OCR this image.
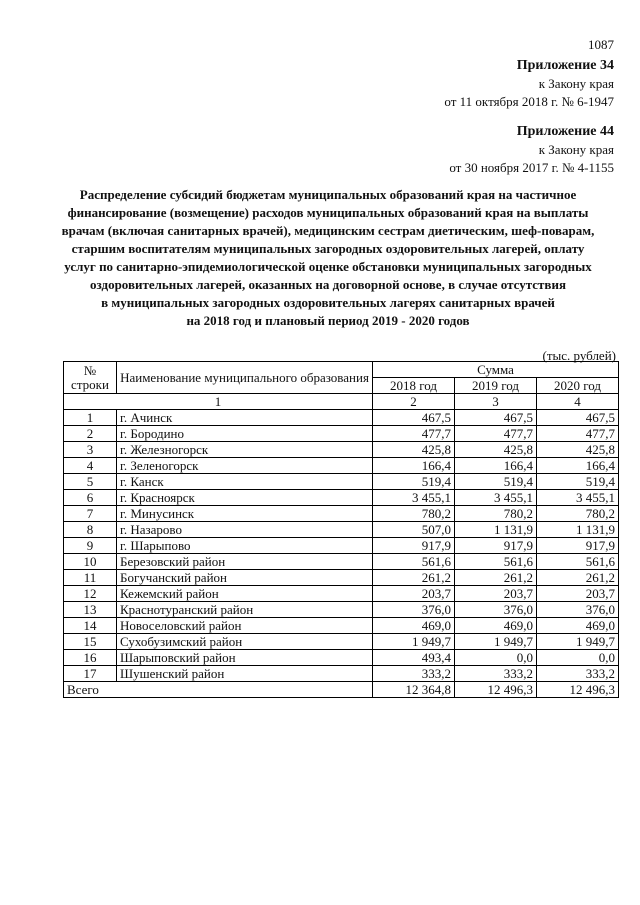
1087
Приложение 34
к Закону края
от 11 октября 2018 г. № 6-1947
Приложение 44
к Закону края
от 30 ноября 2017 г. № 4-1155
Распределение субсидий бюджетам муниципальных образований края на частичное
финансирование (возмещение) расходов муниципальных образований края на выплаты
врачам (включая санитарных врачей), медицинским сестрам диетическим, шеф-поварам,
старшим воспитателям муниципальных загородных оздоровительных лагерей, оплату
услуг по санитарно-эпидемиологической оценке обстановки муниципальных загородных
оздоровительных лагерей, оказанных на договорной основе, в случае отсутствия
в муниципальных загородных оздоровительных лагерях санитарных врачей
на 2018 год и плановый период 2019 - 2020 годов
(тыс. рублей)
№ строки	Наименование муниципального образования	Сумма		
		2018 год	2019 год	2020 год
1		2	3	4
1	г. Ачинск	467,5	467,5	467,5
2	г. Бородино	477,7	477,7	477,7
3	г. Железногорск	425,8	425,8	425,8
4	г. Зеленогорск	166,4	166,4	166,4
5	г. Канск	519,4	519,4	519,4
6	г. Красноярск	3 455,1	3 455,1	3 455,1
7	г. Минусинск	780,2	780,2	780,2
8	г. Назарово	507,0	1 131,9	1 131,9
9	г. Шарыпово	917,9	917,9	917,9
10	Березовский район	561,6	561,6	561,6
11	Богучанский район	261,2	261,2	261,2
12	Кежемский район	203,7	203,7	203,7
13	Краснотуранский район	376,0	376,0	376,0
14	Новоселовский район	469,0	469,0	469,0
15	Сухобузимский район	1 949,7	1 949,7	1 949,7
16	Шарыповский район	493,4	0,0	0,0
17	Шушенский район	333,2	333,2	333,2
Всего		12 364,8	12 496,3	12 496,3
